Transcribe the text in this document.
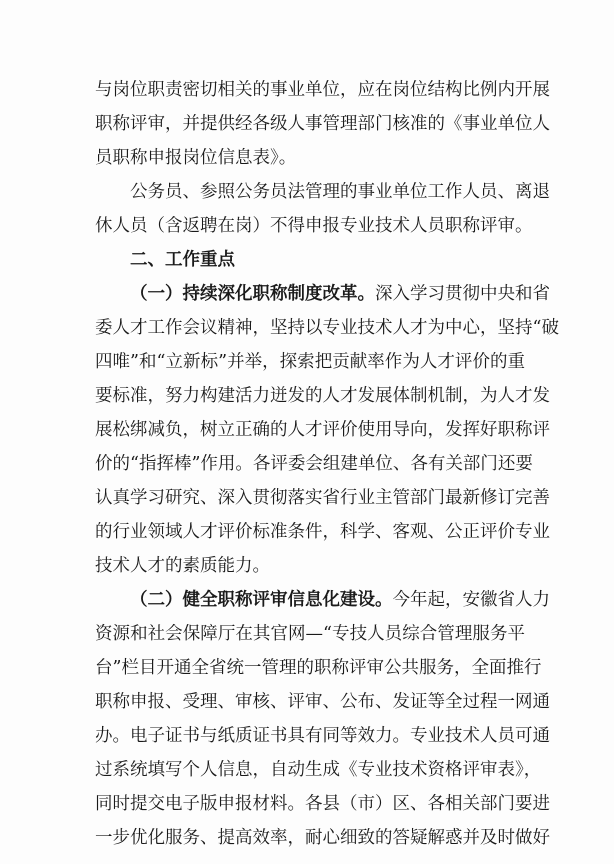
与岗位职责密切相关的事业单位，应在岗位结构比例内开展
职称评审，并提供经各级人事管理部门核准的《事业单位人
员职称申报岗位信息表》。
公务员、参照公务员法管理的事业单位工作人员、离退
休人员（含返聘在岗）不得申报专业技术人员职称评审。
二、工作重点
（一）持续深化职称制度改革。深入学习贯彻中央和省
委人才工作会议精神，坚持以专业技术人才为中心，坚持“破
四唯”和“立新标”并举，探索把贡献率作为人才评价的重
要标准，努力构建活力迸发的人才发展体制机制，为人才发
展松绑减负，树立正确的人才评价使用导向，发挥好职称评
价的“指挥棒”作用。各评委会组建单位、各有关部门还要
认真学习研究、深入贯彻落实省行业主管部门最新修订完善
的行业领域人才评价标准条件，科学、客观、公正评价专业
技术人才的素质能力。
（二）健全职称评审信息化建设。今年起，安徽省人力
资源和社会保障厅在其官网—“专技人员综合管理服务平
台”栏目开通全省统一管理的职称评审公共服务，全面推行
职称申报、受理、审核、评审、公布、发证等全过程一网通
办。电子证书与纸质证书具有同等效力。专业技术人员可通
过系统填写个人信息，自动生成《专业技术资格评审表》，
同时提交电子版申报材料。各县（市）区、各相关部门要进
一步优化服务、提高效率，耐心细致的答疑解惑并及时做好
